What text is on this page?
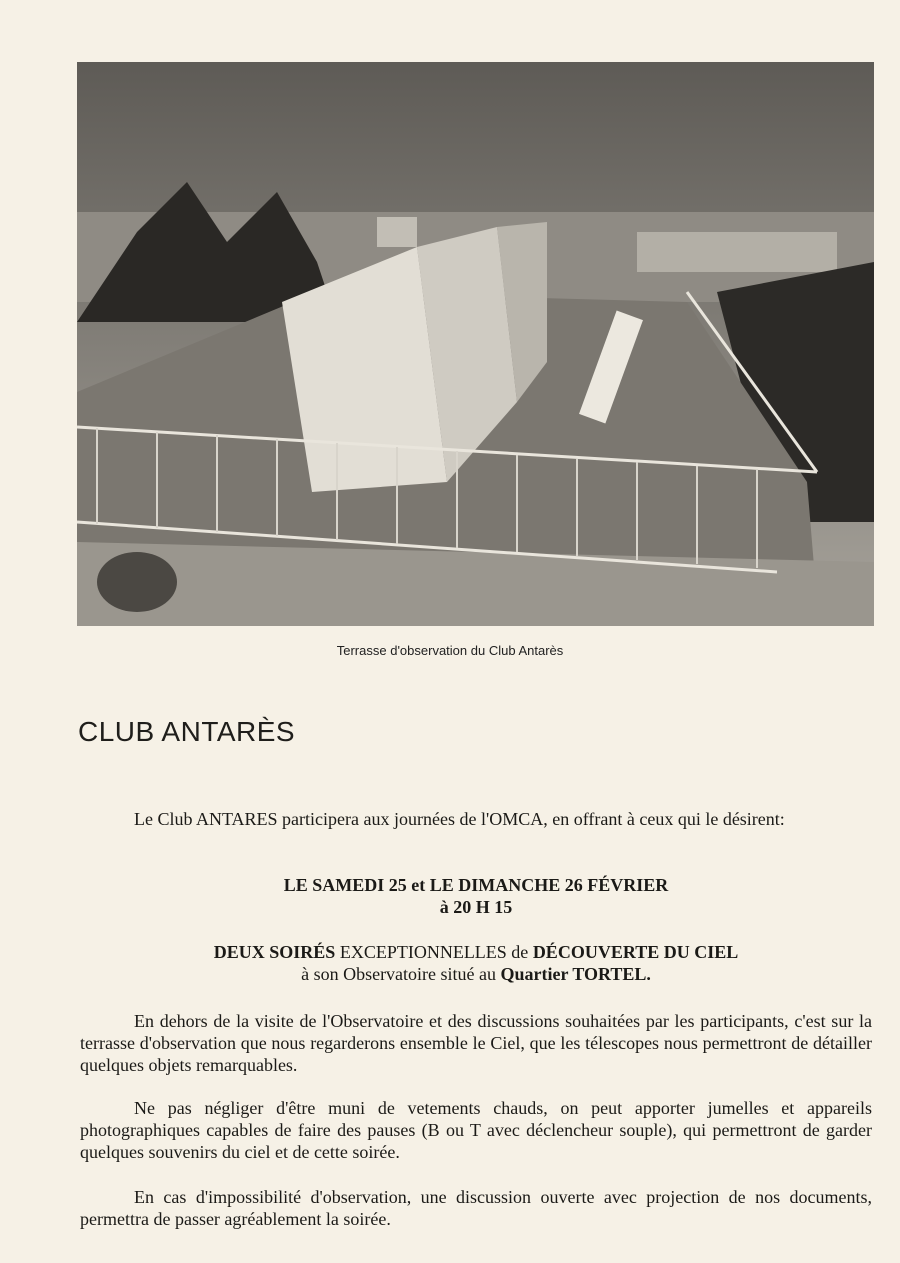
Terrasse d'observation du Club Antarès
CLUB ANTARÈS

Le Club ANTARES participera aux journées de l'OMCA, en offrant à ceux qui le désirent:

LE SAMEDI 25 et LE DIMANCHE 26 FÉVRIER
à 20 H 15
DEUX SOIRÉS EXCEPTIONNELLES de DÉCOUVERTE DU CIEL
à son Observatoire situé au Quartier TORTEL.

En dehors de la visite de l'Observatoire et des discussions souhaitées par les participants, c'est sur la terrasse d'observation que nous regarderons ensemble le Ciel, que les télescopes nous permettront de détailler quelques objets remarquables.

Ne pas négliger d'être muni de vetements chauds, on peut apporter jumelles et appareils photographiques capables de faire des pauses (B ou T avec déclencheur souple), qui permettront de garder quelques souvenirs du ciel et de cette soirée.

En cas d'impossibilité d'observation, une discussion ouverte avec projection de nos documents, permettra de passer agréablement la soirée.
